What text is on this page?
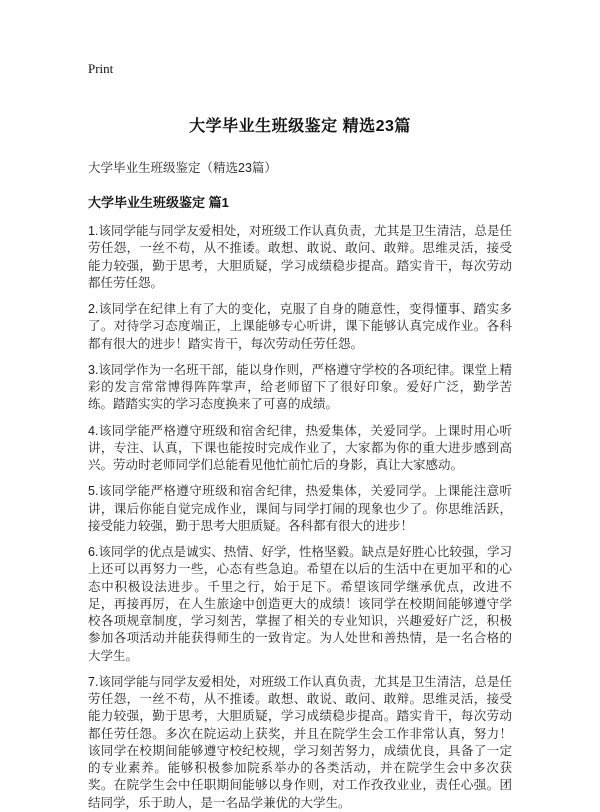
Print
大学毕业生班级鉴定 精选23篇
大学毕业生班级鉴定（精选23篇）
大学毕业生班级鉴定 篇1

1.该同学能与同学友爱相处，对班级工作认真负责，尤其是卫生清洁，总是任劳任怨，一丝不苟，从不推诿。敢想、敢说、敢问、敢辩。思维灵活，接受能力较强，勤于思考，大胆质疑，学习成绩稳步提高。踏实肯干，每次劳动都任劳任怨。

2.该同学在纪律上有了大的变化，克服了自身的随意性，变得懂事、踏实多了。对待学习态度端正，上课能够专心听讲，课下能够认真完成作业。各科都有很大的进步！踏实肯干，每次劳动任劳任怨。

3.该同学作为一名班干部，能以身作则，严格遵守学校的各项纪律。课堂上精彩的发言常常博得阵阵掌声，给老师留下了很好印象。爱好广泛，勤学苦练。踏踏实实的学习态度换来了可喜的成绩。

4.该同学能严格遵守班级和宿舍纪律，热爱集体，关爱同学。上课时用心听讲，专注、认真，下课也能按时完成作业了，大家都为你的重大进步感到高兴。劳动时老师同学们总能看见他忙前忙后的身影，真让大家感动。

5.该同学能严格遵守班级和宿舍纪律，热爱集体，关爱同学。上课能注意听讲，课后你能自觉完成作业，课间与同学打闹的现象也少了。你思维活跃，接受能力较强，勤于思考大胆质疑。各科都有很大的进步！

6.该同学的优点是诚实、热情、好学，性格坚毅。缺点是好胜心比较强，学习上还可以再努力一些，心态有些急迫。希望在以后的生活中在更加平和的心态中积极设法进步。千里之行，始于足下。希望该同学继承优点，改进不足，再接再厉，在人生旅途中创造更大的成绩！该同学在校期间能够遵守学校各项规章制度，学习刻苦，掌握了相关的专业知识，兴趣爱好广泛，积极参加各项活动并能获得师生的一致肯定。为人处世和善热情，是一名合格的大学生。

7.该同学能与同学友爱相处，对班级工作认真负责，尤其是卫生清洁，总是任劳任怨，一丝不苟，从不推诿。敢想、敢说、敢问、敢辩。思维灵活，接受能力较强，勤于思考，大胆质疑，学习成绩稳步提高。踏实肯干，每次劳动都任劳任怨。多次在院运动上获奖，并且在院学生会工作非常认真，努力！该同学在校期间能够遵守校纪校规，学习刻苦努力，成绩优良，具备了一定的专业素养。能够积极参加院系举办的各类活动，并在院学生会中多次获奖。在院学生会中任职期间能够以身作则，对工作孜孜业业，责任心强。团结同学，乐于助人，是一名品学兼优的大学生。
